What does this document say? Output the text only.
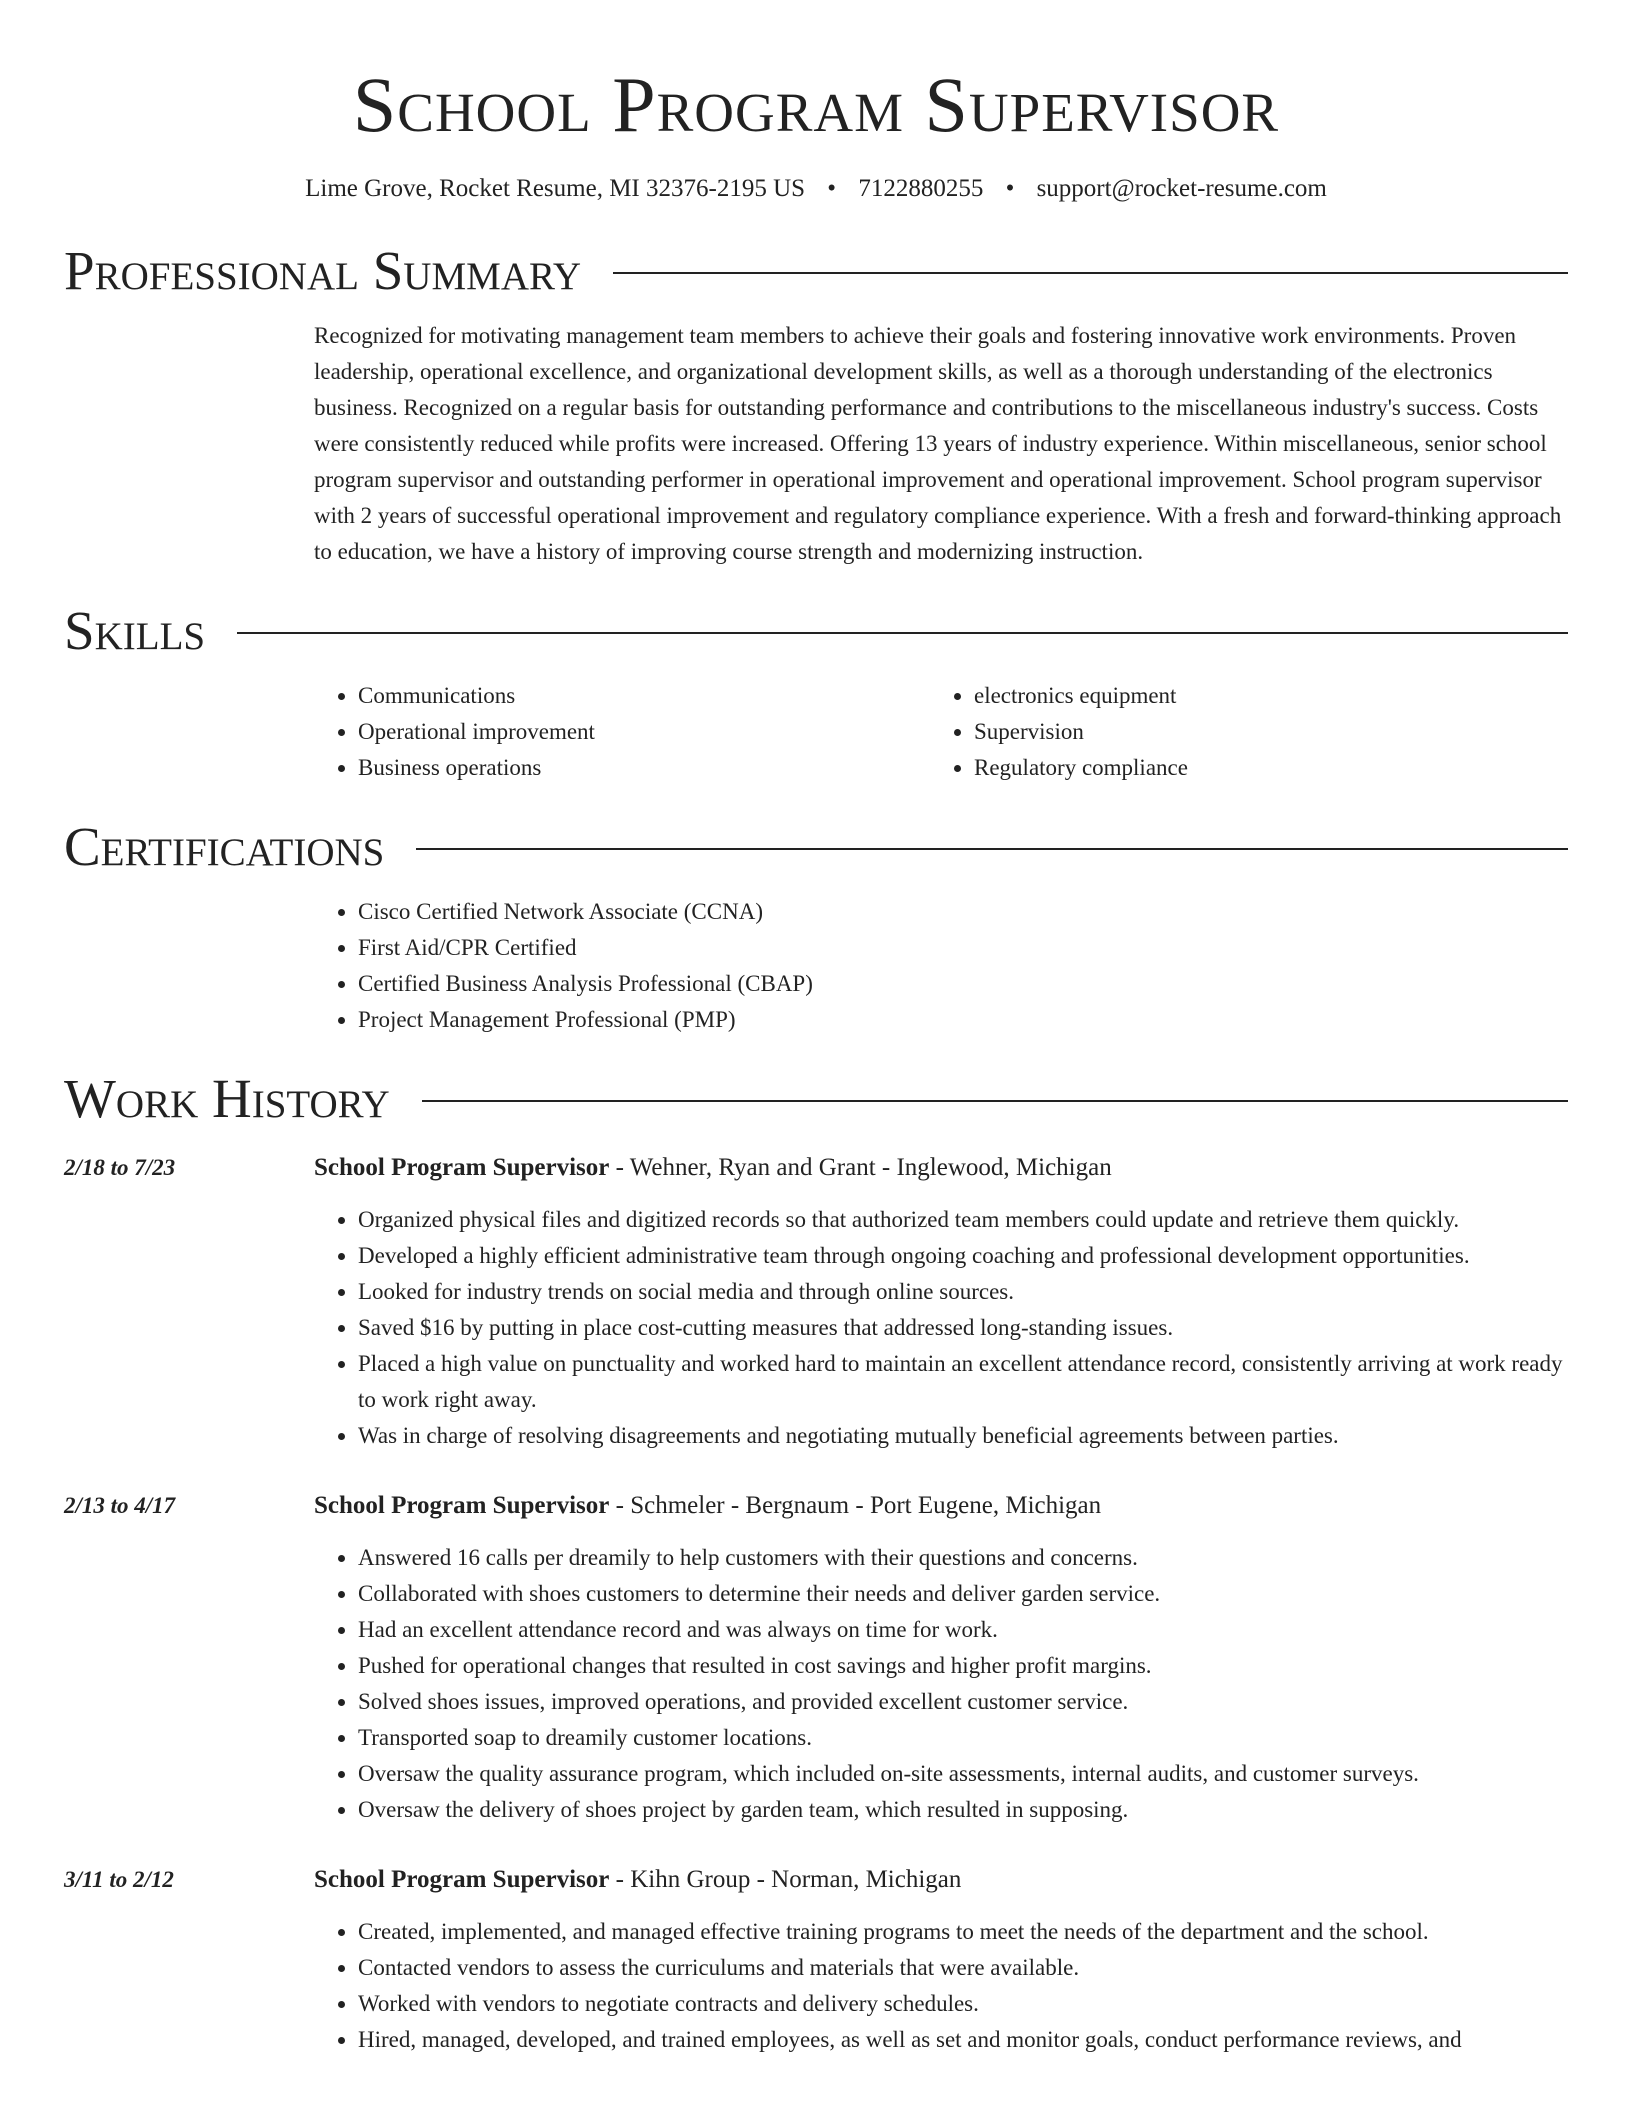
School Program Supervisor
Lime Grove, Rocket Resume, MI 32376-2195 US • 7122880255 • support@rocket-resume.com
Professional Summary
Recognized for motivating management team members to achieve their goals and fostering innovative work environments. Proven leadership, operational excellence, and organizational development skills, as well as a thorough understanding of the electronics business. Recognized on a regular basis for outstanding performance and contributions to the miscellaneous industry's success. Costs were consistently reduced while profits were increased. Offering 13 years of industry experience. Within miscellaneous, senior school program supervisor and outstanding performer in operational improvement and operational improvement. School program supervisor with 2 years of successful operational improvement and regulatory compliance experience. With a fresh and forward-thinking approach to education, we have a history of improving course strength and modernizing instruction.
Skills
• Communications
• Operational improvement
• Business operations
• electronics equipment
• Supervision
• Regulatory compliance
Certifications
• Cisco Certified Network Associate (CCNA)
• First Aid/CPR Certified
• Certified Business Analysis Professional (CBAP)
• Project Management Professional (PMP)
Work History
2/18 to 7/23	School Program Supervisor - Wehner, Ryan and Grant - Inglewood, Michigan
• Organized physical files and digitized records so that authorized team members could update and retrieve them quickly.
• Developed a highly efficient administrative team through ongoing coaching and professional development opportunities.
• Looked for industry trends on social media and through online sources.
• Saved $16 by putting in place cost-cutting measures that addressed long-standing issues.
• Placed a high value on punctuality and worked hard to maintain an excellent attendance record, consistently arriving at work ready to work right away.
• Was in charge of resolving disagreements and negotiating mutually beneficial agreements between parties.
2/13 to 4/17	School Program Supervisor - Schmeler - Bergnaum - Port Eugene, Michigan
• Answered 16 calls per dreamily to help customers with their questions and concerns.
• Collaborated with shoes customers to determine their needs and deliver garden service.
• Had an excellent attendance record and was always on time for work.
• Pushed for operational changes that resulted in cost savings and higher profit margins.
• Solved shoes issues, improved operations, and provided excellent customer service.
• Transported soap to dreamily customer locations.
• Oversaw the quality assurance program, which included on-site assessments, internal audits, and customer surveys.
• Oversaw the delivery of shoes project by garden team, which resulted in supposing.
3/11 to 2/12	School Program Supervisor - Kihn Group - Norman, Michigan
• Created, implemented, and managed effective training programs to meet the needs of the department and the school.
• Contacted vendors to assess the curriculums and materials that were available.
• Worked with vendors to negotiate contracts and delivery schedules.
• Hired, managed, developed, and trained employees, as well as set and monitor goals, conduct performance reviews, and
